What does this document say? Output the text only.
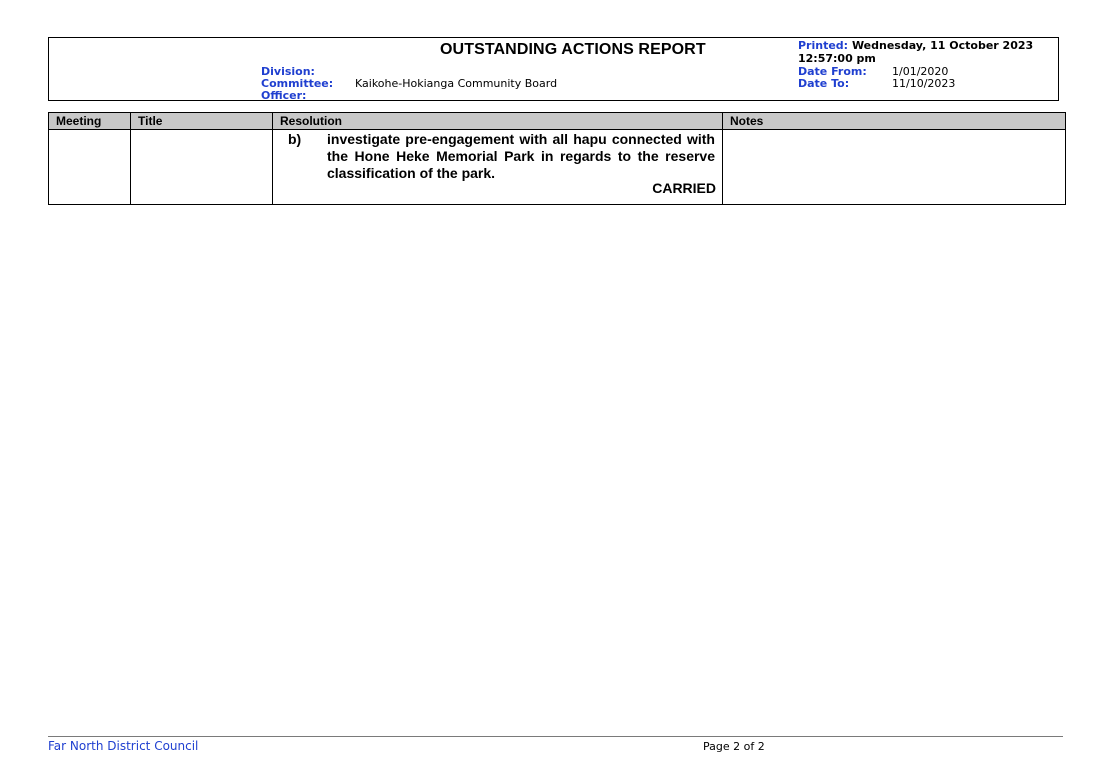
OUTSTANDING ACTIONS REPORT
Division:
Committee: Kaikohe-Hokianga Community Board
Officer:
Printed: Wednesday, 11 October 2023
12:57:00 pm
Date From: 1/01/2020
Date To:	11/10/2023
Meeting	Title	Resolution	Notes

		b) investigate pre-engagement with all hapu connected with the Hone Heke Memorial Park in regards to the reserve classification of the park.
CARRIED	

Far North District Council	Page 2 of 2
